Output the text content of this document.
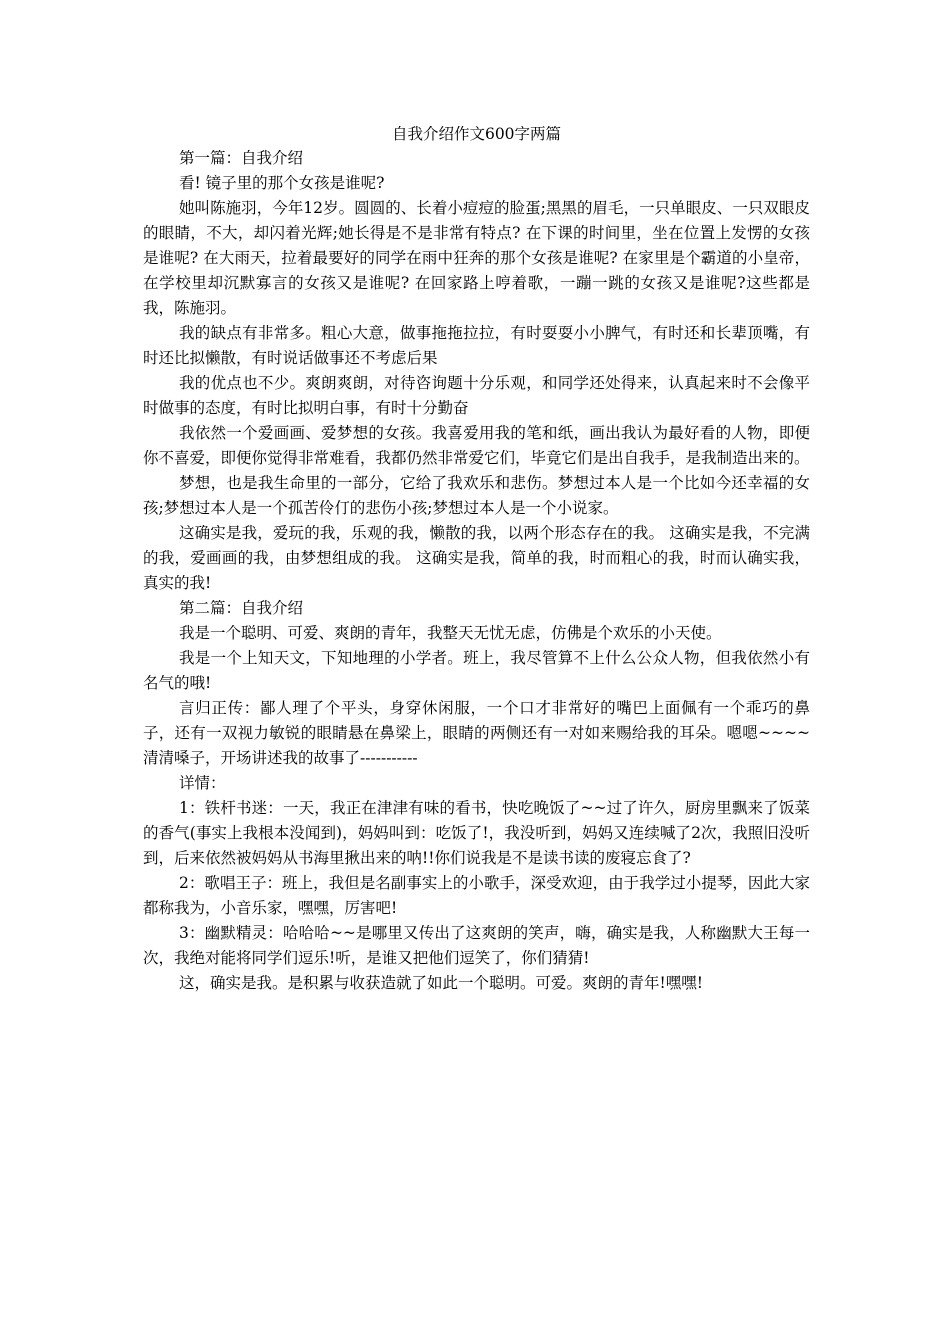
自我介绍作文600字两篇

第一篇：自我介绍

看! 镜子里的那个女孩是谁呢?

她叫陈施羽，今年12岁。圆圆的、长着小痘痘的脸蛋;黑黑的眉毛，一只单眼皮、一只双眼皮的眼睛，不大，却闪着光辉;她长得是不是非常有特点? 在下课的时间里，坐在位置上发愣的女孩是谁呢? 在大雨天，拉着最要好的同学在雨中狂奔的那个女孩是谁呢? 在家里是个霸道的小皇帝，在学校里却沉默寡言的女孩又是谁呢? 在回家路上哼着歌，一蹦一跳的女孩又是谁呢?这些都是我，陈施羽。

我的缺点有非常多。粗心大意，做事拖拖拉拉，有时耍耍小小脾气，有时还和长辈顶嘴，有时还比拟懒散，有时说话做事还不考虑后果

我的优点也不少。爽朗爽朗，对待咨询题十分乐观，和同学还处得来，认真起来时不会像平时做事的态度，有时比拟明白事，有时十分勤奋

我依然一个爱画画、爱梦想的女孩。我喜爱用我的笔和纸，画出我认为最好看的人物，即便你不喜爱，即便你觉得非常难看，我都仍然非常爱它们，毕竟它们是出自我手，是我制造出来的。

梦想，也是我生命里的一部分，它给了我欢乐和悲伤。梦想过本人是一个比如今还幸福的女孩;梦想过本人是一个孤苦伶仃的悲伤小孩;梦想过本人是一个小说家。

这确实是我，爱玩的我，乐观的我，懒散的我，以两个形态存在的我。 这确实是我，不完满的我，爱画画的我，由梦想组成的我。 这确实是我，简单的我，时而粗心的我，时而认确实我，真实的我!

第二篇：自我介绍

我是一个聪明、可爱、爽朗的青年，我整天无忧无虑，仿佛是个欢乐的小天使。

我是一个上知天文，下知地理的小学者。班上，我尽管算不上什么公众人物，但我依然小有名气的哦!

言归正传：鄙人理了个平头，身穿休闲服，一个口才非常好的嘴巴上面佩有一个乖巧的鼻子，还有一双视力敏锐的眼睛悬在鼻梁上，眼睛的两侧还有一对如来赐给我的耳朵。嗯嗯~~~~清清嗓子，开场讲述我的故事了-----------

详情：

1：铁杆书迷：一天，我正在津津有味的看书，快吃晚饭了~~过了许久，厨房里飘来了饭菜的香气(事实上我根本没闻到)，妈妈叫到：吃饭了!，我没听到，妈妈又连续喊了2次，我照旧没听到，后来依然被妈妈从书海里揪出来的呐!!你们说我是不是读书读的废寝忘食了?

2：歌唱王子：班上，我但是名副事实上的小歌手，深受欢迎，由于我学过小提琴，因此大家都称我为，小音乐家，嘿嘿，厉害吧!

3：幽默精灵：哈哈哈~~是哪里又传出了这爽朗的笑声，嗨，确实是我，人称幽默大王每一次，我绝对能将同学们逗乐!听，是谁又把他们逗笑了，你们猜猜!

这，确实是我。是积累与收获造就了如此一个聪明。可爱。爽朗的青年!嘿嘿!
